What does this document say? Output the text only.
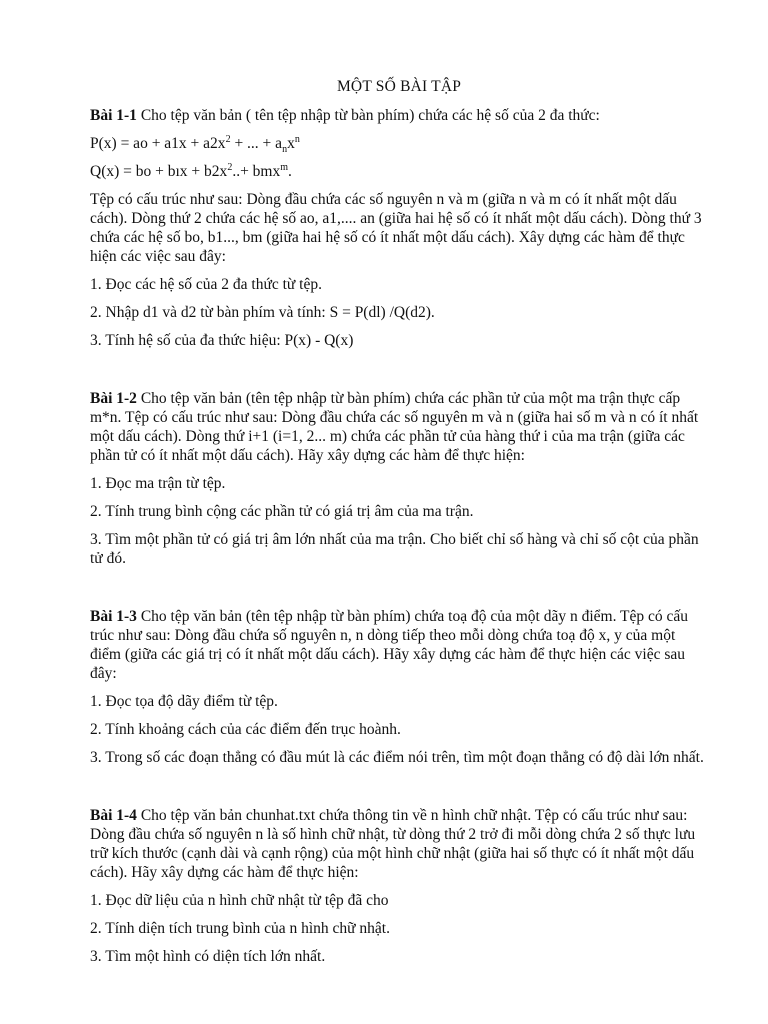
MỘT SỐ BÀI TẬP

Bài 1-1 Cho tệp văn bản ( tên tệp nhập từ bàn phím) chứa các hệ số của 2 đa thức:

P(x) = ao + $a1x + a2x^2$ + ... + $a_nx^n$

Q(x) = bo + bıx + $b2x^2..+ bmx^m$.

Tệp có cấu trúc như sau: Dòng đầu chứa các số nguyên n và m (giữa n và m có ít nhất một dấu cách). Dòng thứ 2 chứa các hệ số ao, a1,.... an (giữa hai hệ số có ít nhất một dấu cách). Dòng thứ 3 chứa các hệ số bo, b1..., bm (giữa hai hệ số có ít nhất một dấu cách). Xây dựng các hàm để thực hiện các việc sau đây:

1. Đọc các hệ số của 2 đa thức từ tệp.

2. Nhập d1 và d2 từ bàn phím và tính: S = P(dl) /Q(d2).

3. Tính hệ số của đa thức hiệu: P(x) - Q(x)

Bài 1-2 Cho tệp văn bản (tên tệp nhập từ bàn phím) chứa các phần tử của một ma trận thực cấp m*n. Tệp có cấu trúc như sau: Dòng đầu chứa các số nguyên m và n (giữa hai số m và n có ít nhất một dấu cách). Dòng thứ i+1 (i=1, 2... m) chứa các phần tử của hàng thứ i của ma trận (giữa các phần tử có ít nhất một dấu cách). Hãy xây dựng các hàm để thực hiện:

1. Đọc ma trận từ tệp.

2. Tính trung bình cộng các phần tử có giá trị âm của ma trận.

3. Tìm một phần tử có giá trị âm lớn nhất của ma trận. Cho biết chỉ số hàng và chỉ số cột của phần tử đó.

Bài 1-3 Cho tệp văn bản (tên tệp nhập từ bàn phím) chứa toạ độ của một dãy n điểm. Tệp có cấu trúc như sau: Dòng đầu chứa số nguyên n, n dòng tiếp theo mỗi dòng chứa toạ độ x, y của một điểm (giữa các giá trị có ít nhất một dấu cách). Hãy xây dựng các hàm để thực hiện các việc sau đây:

1. Đọc tọa độ dãy điểm từ tệp.

2. Tính khoảng cách của các điểm đến trục hoành.

3. Trong số các đoạn thẳng có đầu mút là các điểm nói trên, tìm một đoạn thẳng có độ dài lớn nhất.

Bài 1-4 Cho tệp văn bản chunhat.txt chứa thông tin về n hình chữ nhật. Tệp có cấu trúc như sau: Dòng đầu chứa số nguyên n là số hình chữ nhật, từ dòng thứ 2 trở đi mỗi dòng chứa 2 số thực lưu trữ kích thước (cạnh dài và cạnh rộng) của một hình chữ nhật (giữa hai số thực có ít nhất một dấu cách). Hãy xây dựng các hàm để thực hiện:

1. Đọc dữ liệu của n hình chữ nhật từ tệp đã cho

2. Tính diện tích trung bình của n hình chữ nhật.

3. Tìm một hình có diện tích lớn nhất.
